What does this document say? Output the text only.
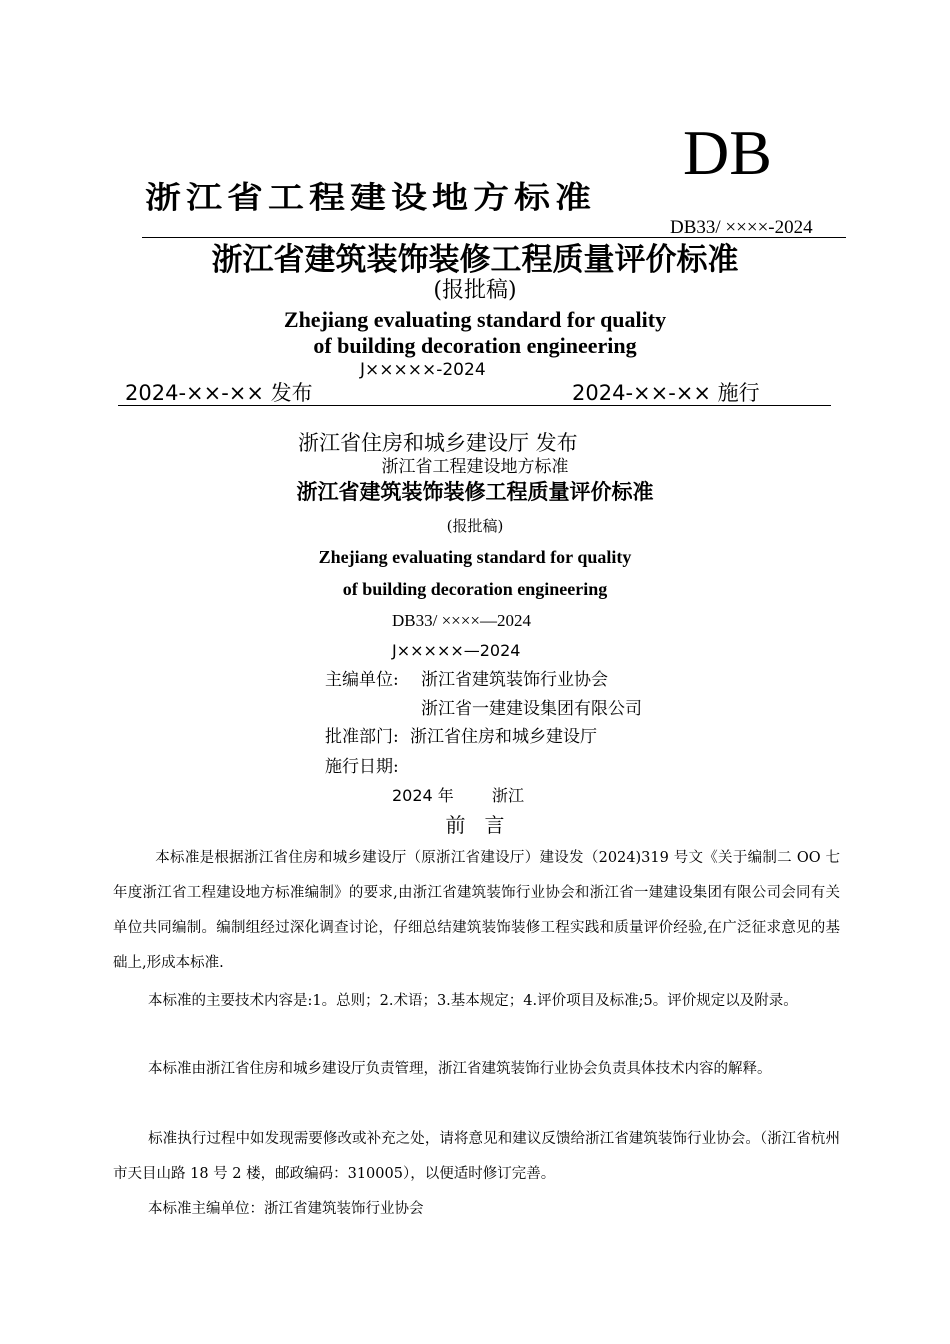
DB
浙江省工程建设地方标准
DB33/ ××××-2024
浙江省建筑装饰装修工程质量评价标准
(报批稿)
Zhejiang evaluating standard for quality
of building decoration engineering
J×××××-2024
2024-××-×× 发布	2024-××-×× 施行
浙江省住房和城乡建设厅 发布
浙江省工程建设地方标准
浙江省建筑装饰装修工程质量评价标准
(报批稿)
Zhejiang evaluating standard for quality
of building decoration engineering
DB33/ ××××—2024
J×××××—2024
主编单位: 浙江省建筑装饰行业协会
浙江省一建建设集团有限公司
批准部门: 浙江省住房和城乡建设厅
施行日期:
2024 年 浙江
前   言
本标准是根据浙江省住房和城乡建设厅（原浙江省建设厅）建设发（2024)319 号文《关于编制二 OO 七年度浙江省工程建设地方标准编制》的要求,由浙江省建筑装饰行业协会和浙江省一建建设集团有限公司会同有关单位共同编制。编制组经过深化调查讨论，仔细总结建筑装饰装修工程实践和质量评价经验,在广泛征求意见的基础上,形成本标准.
本标准的主要技术内容是:1。总则；2.术语；3.基本规定；4.评价项目及标准;5。评价规定以及附录。
本标准由浙江省住房和城乡建设厅负责管理，浙江省建筑装饰行业协会负责具体技术内容的解释。
标准执行过程中如发现需要修改或补充之处，请将意见和建议反馈给浙江省建筑装饰行业协会。（浙江省杭州市天目山路 18 号 2 楼，邮政编码：310005），以便适时修订完善。
本标准主编单位：浙江省建筑装饰行业协会
